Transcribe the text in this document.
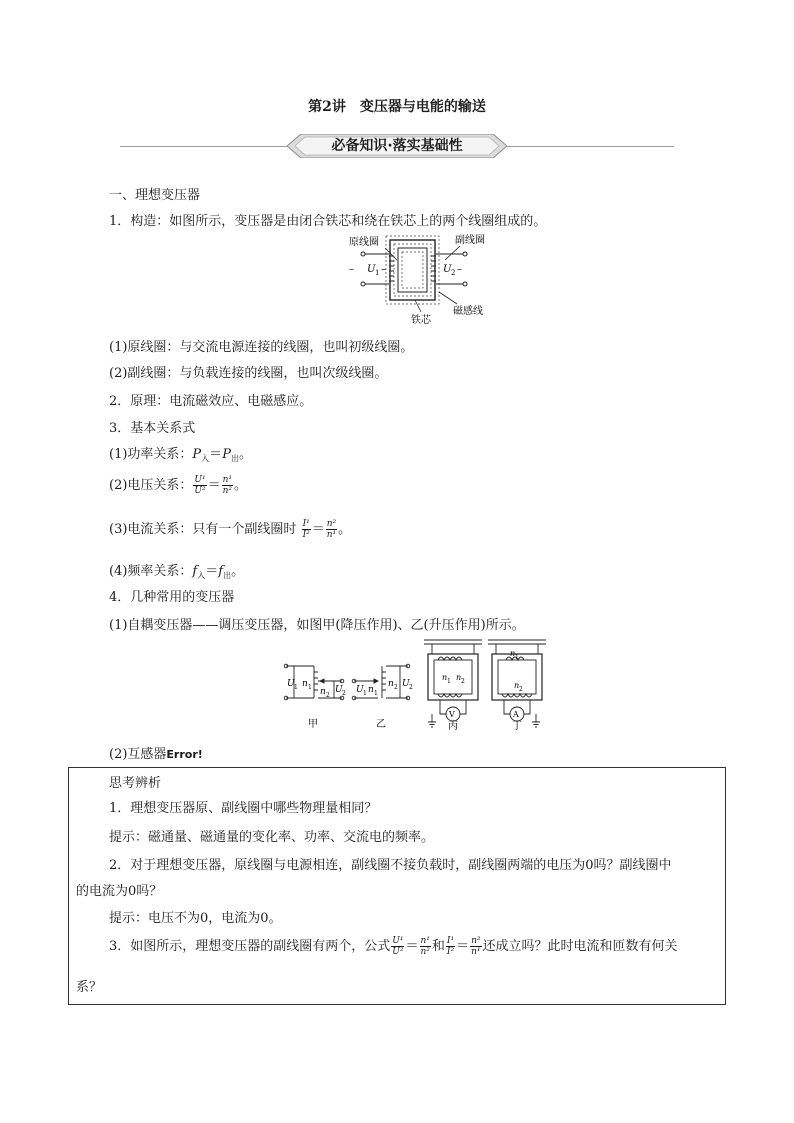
第2讲　变压器与电能的输送
必备知识·落实基础性
一、理想变压器
1．构造：如图所示，变压器是由闭合铁芯和绕在铁芯上的两个线圈组成的。
原线圈	副线圈
– U 1 –	U 2 –
磁感线
铁芯
(1)原线圈：与交流电源连接的线圈，也叫初级线圈。
(2)副线圈：与负载连接的线圈，也叫次级线圈。
2．原理：电流磁效应、电磁感应。
3．基本关系式
(1)功率关系：$P_入=P_出$。
(2)电压关系： $\frac{\text{U¹}}{\text{U²}} = \frac{\text{n¹}}{\text{n²}}$ 。
(3)电流关系：只有一个副线圈时 $\frac{\text{I¹}}{\text{I²}} = \frac{\text{n²}}{\text{n¹}}$ 。
(4)频率关系：$f_入=f_出$。
4．几种常用的变压器
(1)自耦变压器——调压变压器，如图甲(降压作用)、乙(升压作用)所示。
U 1 n 1 n 2
U 2
甲
U 1 n 1
n 2 U 2
乙
V
n 1 n 2
丙
A
n 1
n 2
丁
(2)互感器Error!
思考辨析
1．理想变压器原、副线圈中哪些物理量相同？
提示：磁通量、磁通量的变化率、功率、交流电的频率。
2．对于理想变压器，原线圈与电源相连，副线圈不接负载时，副线圈两端的电压为0吗？副线圈中
的电流为0吗？
提示：电压不为0，电流为0。
3．如图所示，理想变压器的副线圈有两个，公式 $\frac{\text{U¹}}{\text{U²}} = \frac{\text{n¹}}{\text{n²}}$ 和 $\frac{\text{I¹}}{\text{I²}} = \frac{\text{n²}}{\text{n¹}}$ 还成立吗？此时电流和匝数有何关
系？
